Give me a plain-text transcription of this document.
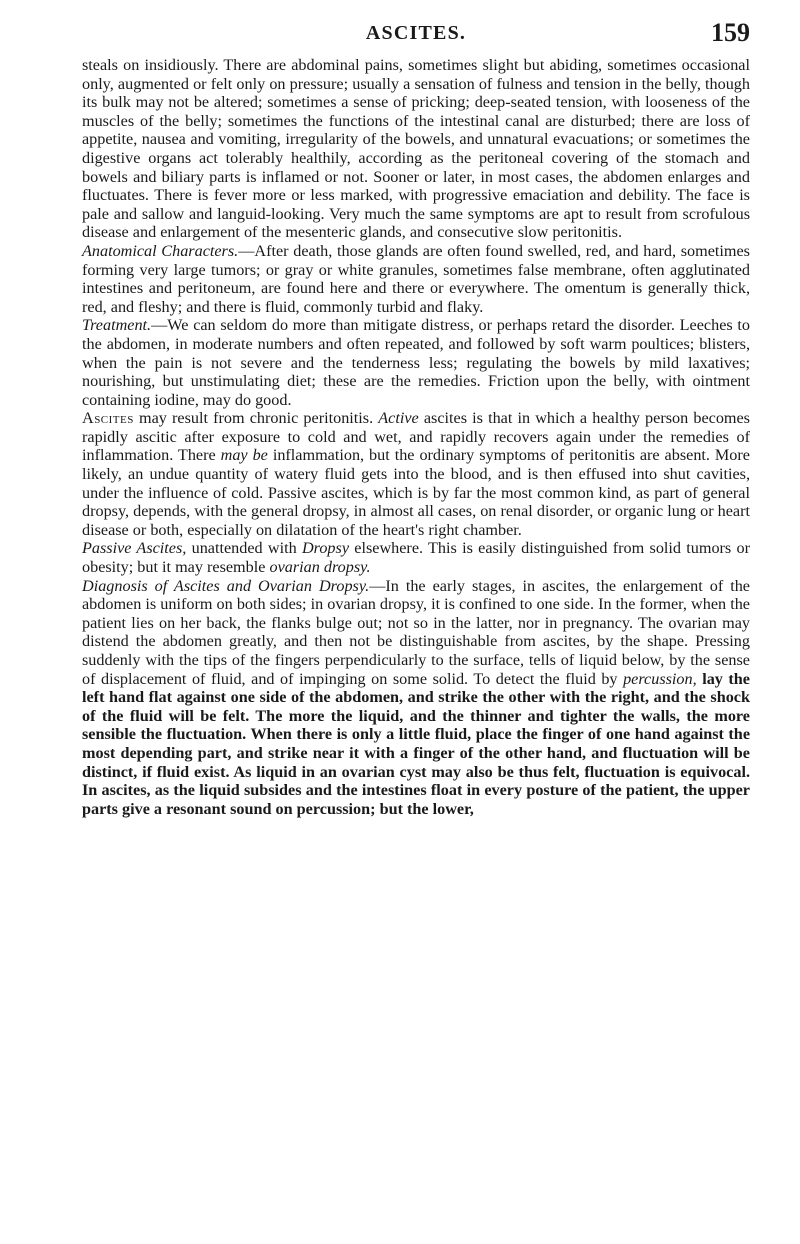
ASCITES.	159

steals on insidiously. There are abdominal pains, sometimes slight but abiding, sometimes occasional only, augmented or felt only on pressure; usually a sensation of fulness and tension in the belly, though its bulk may not be altered; sometimes a sense of pricking; deep-seated tension, with looseness of the muscles of the belly; sometimes the functions of the intestinal canal are disturbed; there are loss of appetite, nausea and vomiting, irregularity of the bowels, and unnatural evacuations; or sometimes the digestive organs act tolerably healthily, according as the peritoneal covering of the stomach and bowels and biliary parts is inflamed or not. Sooner or later, in most cases, the abdomen enlarges and fluctuates. There is fever more or less marked, with progressive emaciation and debility. The face is pale and sallow and languid-looking. Very much the same symptoms are apt to result from scrofulous disease and enlargement of the mesenteric glands, and consecutive slow peritonitis.

Anatomical Characters.—After death, those glands are often found swelled, red, and hard, sometimes forming very large tumors; or gray or white granules, sometimes false membrane, often agglutinated intestines and peritoneum, are found here and there or everywhere. The omentum is generally thick, red, and fleshy; and there is fluid, commonly turbid and flaky.

Treatment.—We can seldom do more than mitigate distress, or perhaps retard the disorder. Leeches to the abdomen, in moderate numbers and often repeated, and followed by soft warm poultices; blisters, when the pain is not severe and the tenderness less; regulating the bowels by mild laxatives; nourishing, but unstimulating diet; these are the remedies. Friction upon the belly, with ointment containing iodine, may do good.

Ascites may result from chronic peritonitis. Active ascites is that in which a healthy person becomes rapidly ascitic after exposure to cold and wet, and rapidly recovers again under the remedies of inflammation. There may be inflammation, but the ordinary symptoms of peritonitis are absent. More likely, an undue quantity of watery fluid gets into the blood, and is then effused into shut cavities, under the influence of cold. Passive ascites, which is by far the most common kind, as part of general dropsy, depends, with the general dropsy, in almost all cases, on renal disorder, or organic lung or heart disease or both, especially on dilatation of the heart's right chamber.

Passive Ascites, unattended with Dropsy elsewhere. This is easily distinguished from solid tumors or obesity; but it may resemble ovarian dropsy.

Diagnosis of Ascites and Ovarian Dropsy.—In the early stages, in ascites, the enlargement of the abdomen is uniform on both sides; in ovarian dropsy, it is confined to one side. In the former, when the patient lies on her back, the flanks bulge out; not so in the latter, nor in pregnancy. The ovarian may distend the abdomen greatly, and then not be distinguishable from ascites, by the shape. Pressing suddenly with the tips of the fingers perpendicularly to the surface, tells of liquid below, by the sense of displacement of fluid, and of impinging on some solid. To detect the fluid by percussion, lay the left hand flat against one side of the abdomen, and strike the other with the right, and the shock of the fluid will be felt. The more the liquid, and the thinner and tighter the walls, the more sensible the fluctuation. When there is only a little fluid, place the finger of one hand against the most depending part, and strike near it with a finger of the other hand, and fluctuation will be distinct, if fluid exist. As liquid in an ovarian cyst may also be thus felt, fluctuation is equivocal. In ascites, as the liquid subsides and the intestines float in every posture of the patient, the upper parts give a resonant sound on percussion; but the lower,
